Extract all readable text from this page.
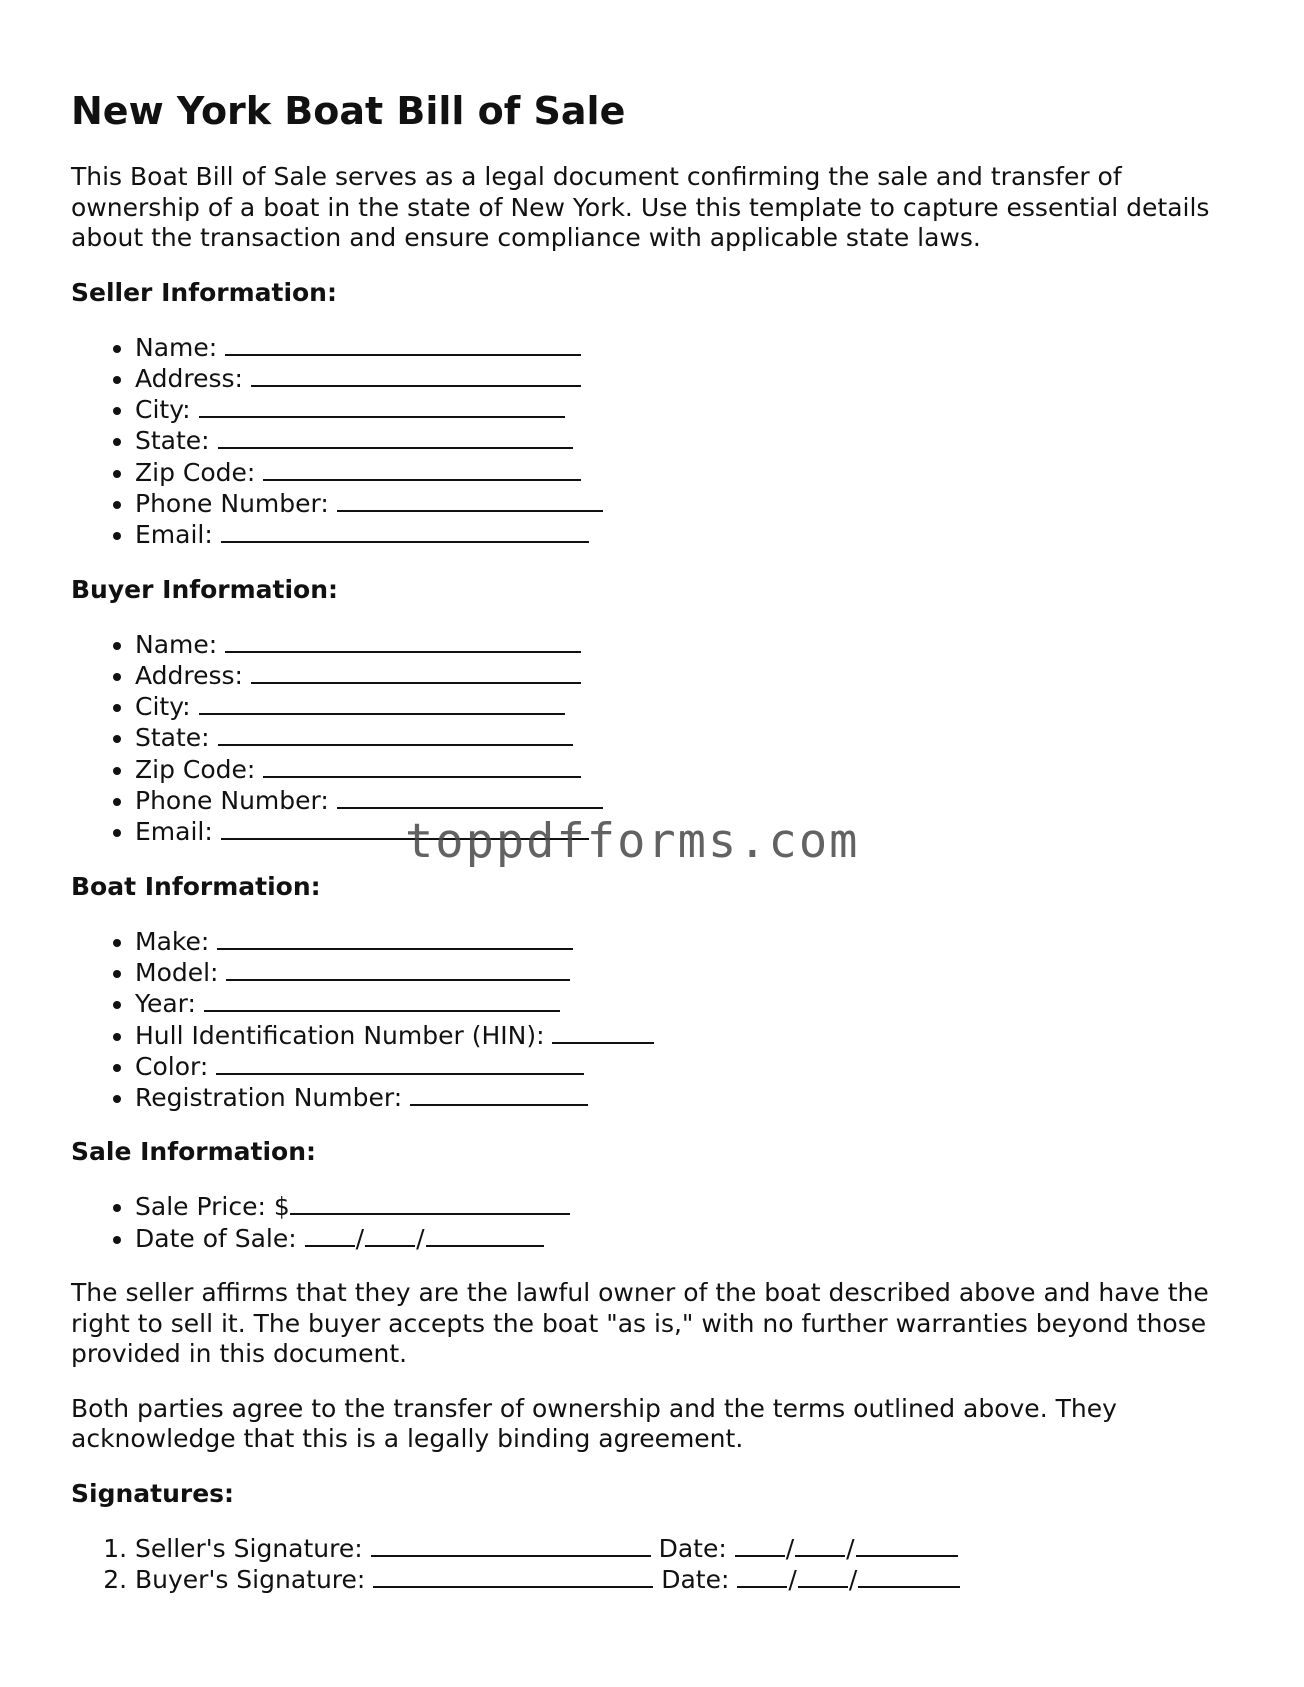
New York Boat Bill of Sale

This Boat Bill of Sale serves as a legal document confirming the sale and transfer of ownership of a boat in the state of New York. Use this template to capture essential details about the transaction and ensure compliance with applicable state laws.

Seller Information:
• Name:
• Address:
• City:
• State:
• Zip Code:
• Phone Number:
• Email:
Buyer Information:
• Name:
• Address:
• City:
• State:
• Zip Code:
• Phone Number:
• Email:
Boat Information:
• Make:
• Model:
• Year:
• Hull Identification Number (HIN):
• Color:
• Registration Number:
Sale Information:
• Sale Price: $
• Date of Sale: / /

The seller affirms that they are the lawful owner of the boat described above and have the right to sell it. The buyer accepts the boat "as is," with no further warranties beyond those provided in this document.

Both parties agree to the transfer of ownership and the terms outlined above. They acknowledge that this is a legally binding agreement.

Signatures:
1. Seller's Signature:	Date: / /
2. Buyer's Signature:	Date: / /
toppdfforms.com
